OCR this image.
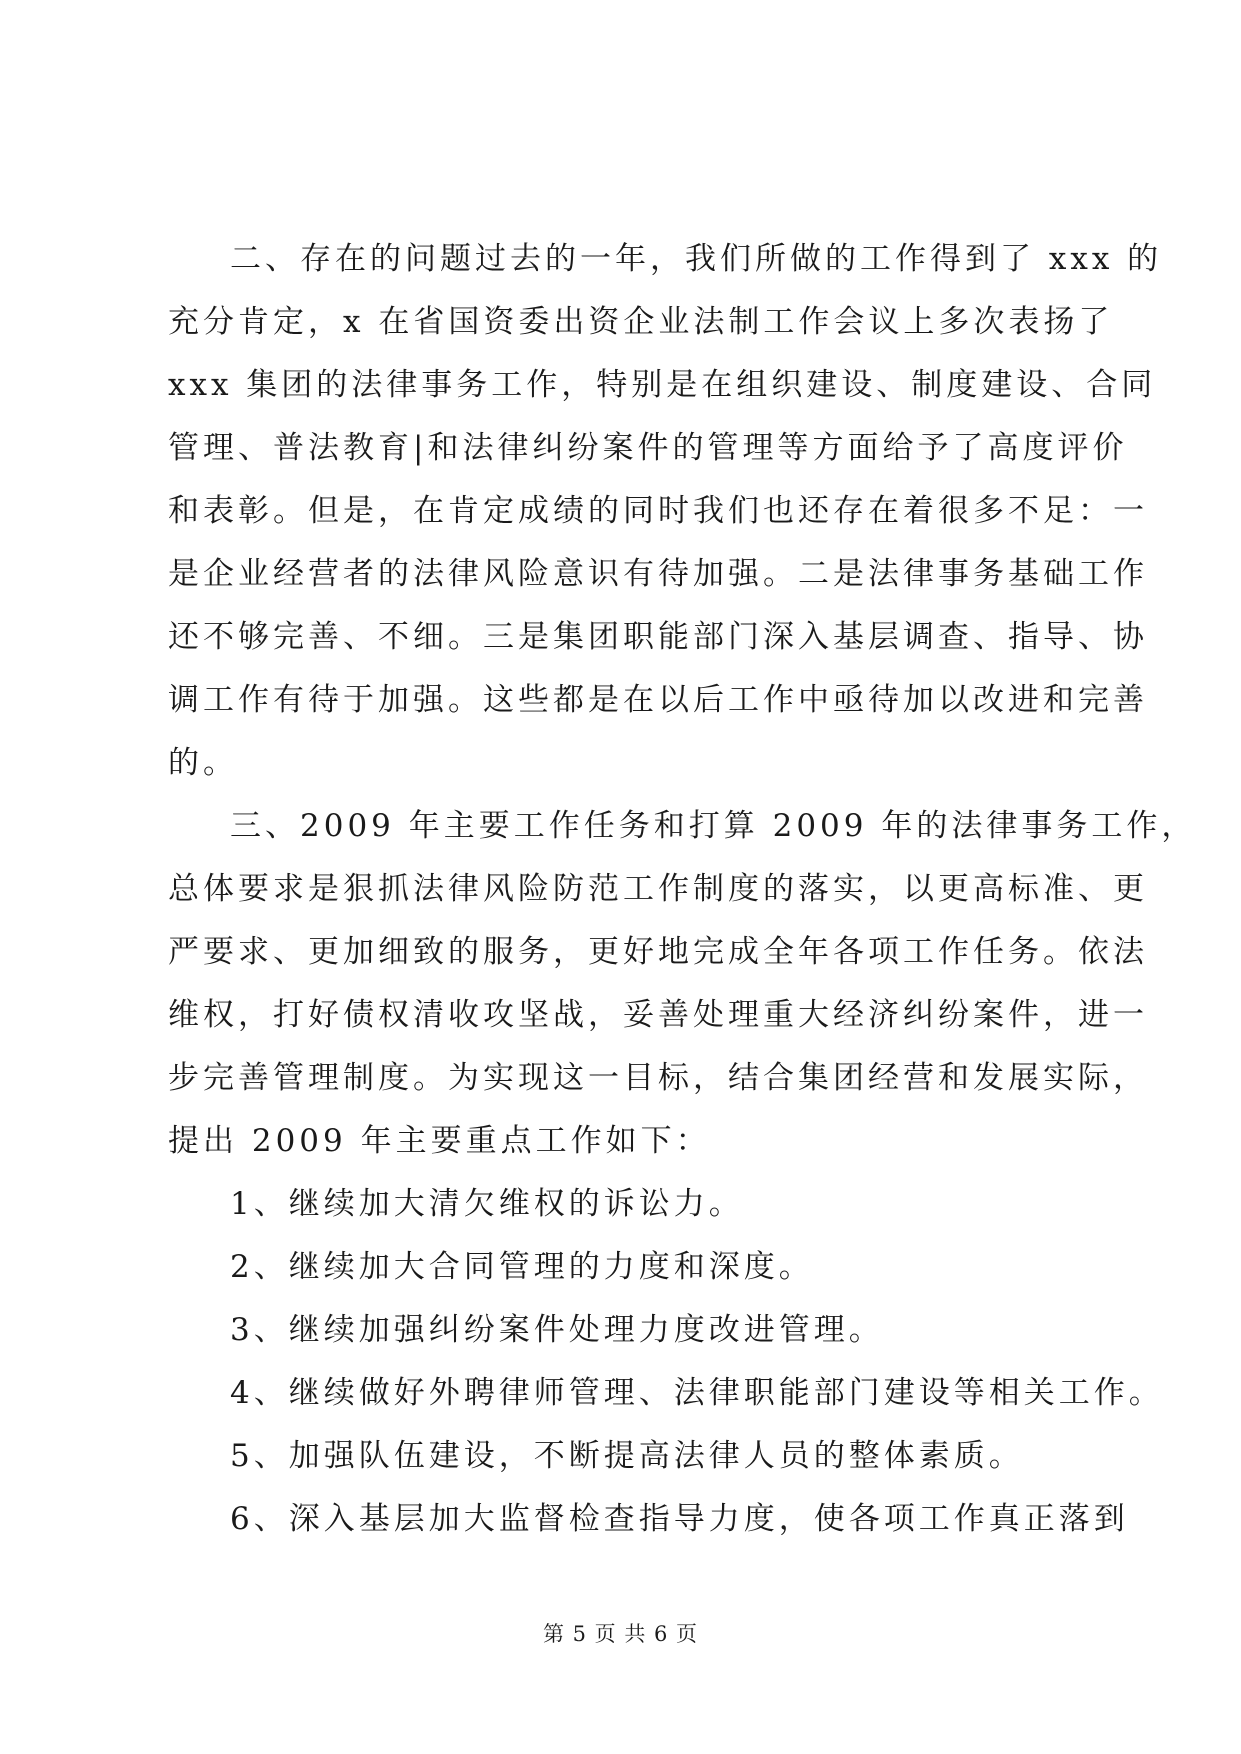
二、存在的问题过去的一年，我们所做的工作得到了 xxx 的
充分肯定，x 在省国资委出资企业法制工作会议上多次表扬了
xxx 集团的法律事务工作，特别是在组织建设、制度建设、合同
管理、普法教育|和法律纠纷案件的管理等方面给予了高度评价
和表彰。但是，在肯定成绩的同时我们也还存在着很多不足：一
是企业经营者的法律风险意识有待加强。二是法律事务基础工作
还不够完善、不细。三是集团职能部门深入基层调查、指导、协
调工作有待于加强。这些都是在以后工作中亟待加以改进和完善
的。
三、2009 年主要工作任务和打算 2009 年的法律事务工作，
总体要求是狠抓法律风险防范工作制度的落实，以更高标准、更
严要求、更加细致的服务，更好地完成全年各项工作任务。依法
维权，打好债权清收攻坚战，妥善处理重大经济纠纷案件，进一
步完善管理制度。为实现这一目标，结合集团经营和发展实际，
提出 2009 年主要重点工作如下：
1、继续加大清欠维权的诉讼力。
2、继续加大合同管理的力度和深度。
3、继续加强纠纷案件处理力度改进管理。
4、继续做好外聘律师管理、法律职能部门建设等相关工作。
5、加强队伍建设，不断提高法律人员的整体素质。
6、深入基层加大监督检查指导力度，使各项工作真正落到
第 5 页 共 6 页
